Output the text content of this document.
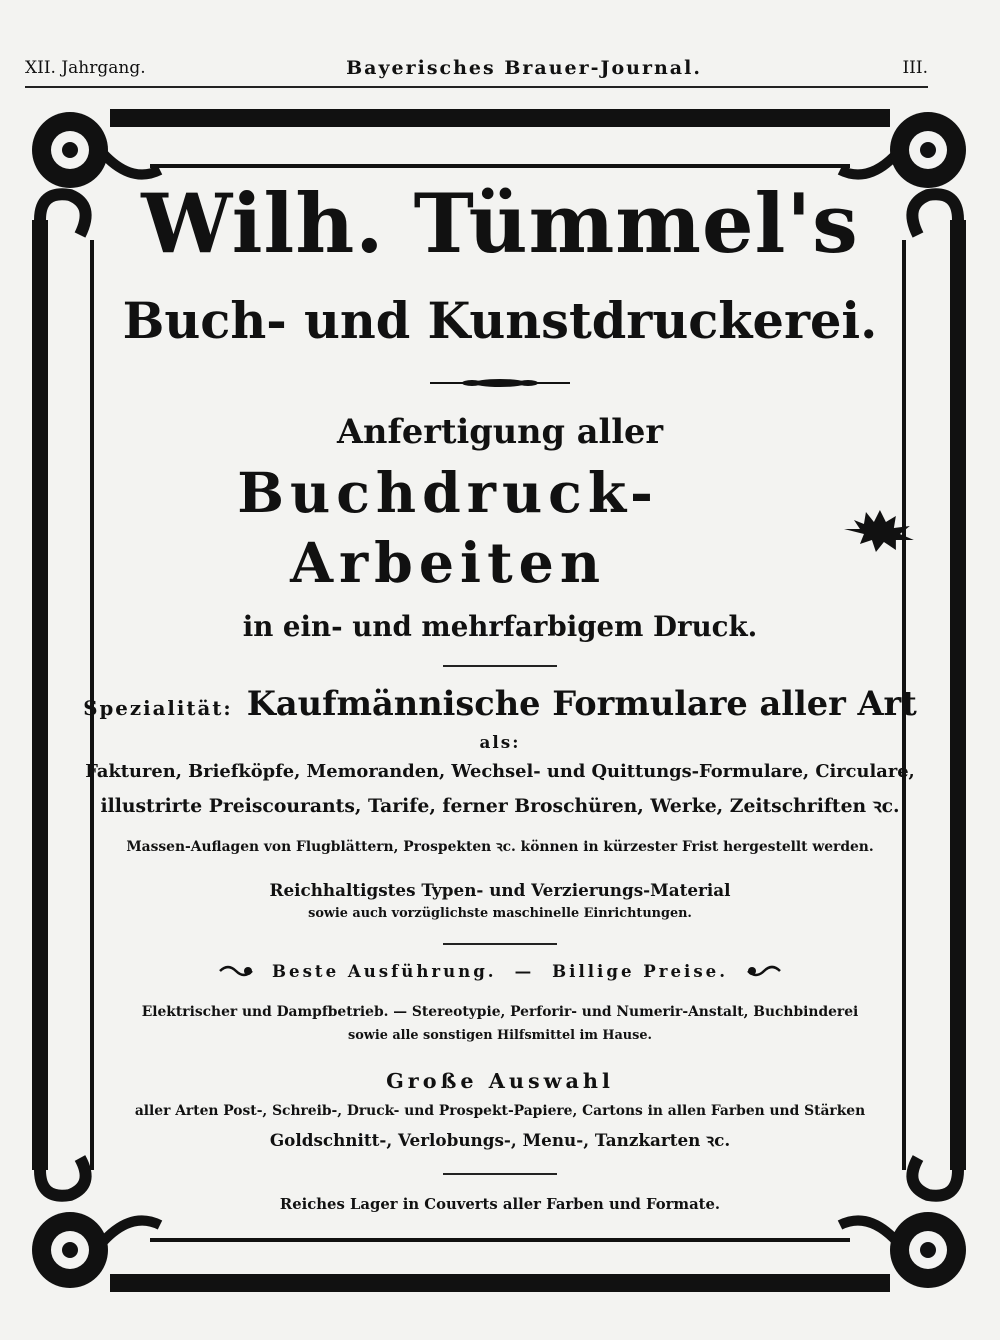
XII. Jahrgang.	Bayerisches Brauer-Journal.	III.
Wilh. Tümmel's
Buch- und Kunstdruckerei.
Anfertigung aller
Buchdruck-Arbeiten
in ein- und mehrfarbigem Druck.
Spezialität: Kaufmännische Formulare aller Art
als:
Fakturen, Briefköpfe, Memoranden, Wechsel- und Quittungs-Formulare, Circulare,
illustrirte Preiscourants, Tarife, ferner Broschüren, Werke, Zeitschriften ꝛc.
Massen-Auflagen von Flugblättern, Prospekten ꝛc. können in kürzester Frist hergestellt werden.
Reichhaltigstes Typen- und Verzierungs-Material
sowie auch vorzüglichste maschinelle Einrichtungen.
Beste Ausführung. — Billige Preise.
Elektrischer und Dampfbetrieb. — Stereotypie, Perforir- und Numerir-Anstalt, Buchbinderei
sowie alle sonstigen Hilfsmittel im Hause.
Große Auswahl
aller Arten Post-, Schreib-, Druck- und Prospekt-Papiere, Cartons in allen Farben und Stärken
Goldschnitt-, Verlobungs-, Menu-, Tanzkarten ꝛc.
Reiches Lager in Couverts aller Farben und Formate.
